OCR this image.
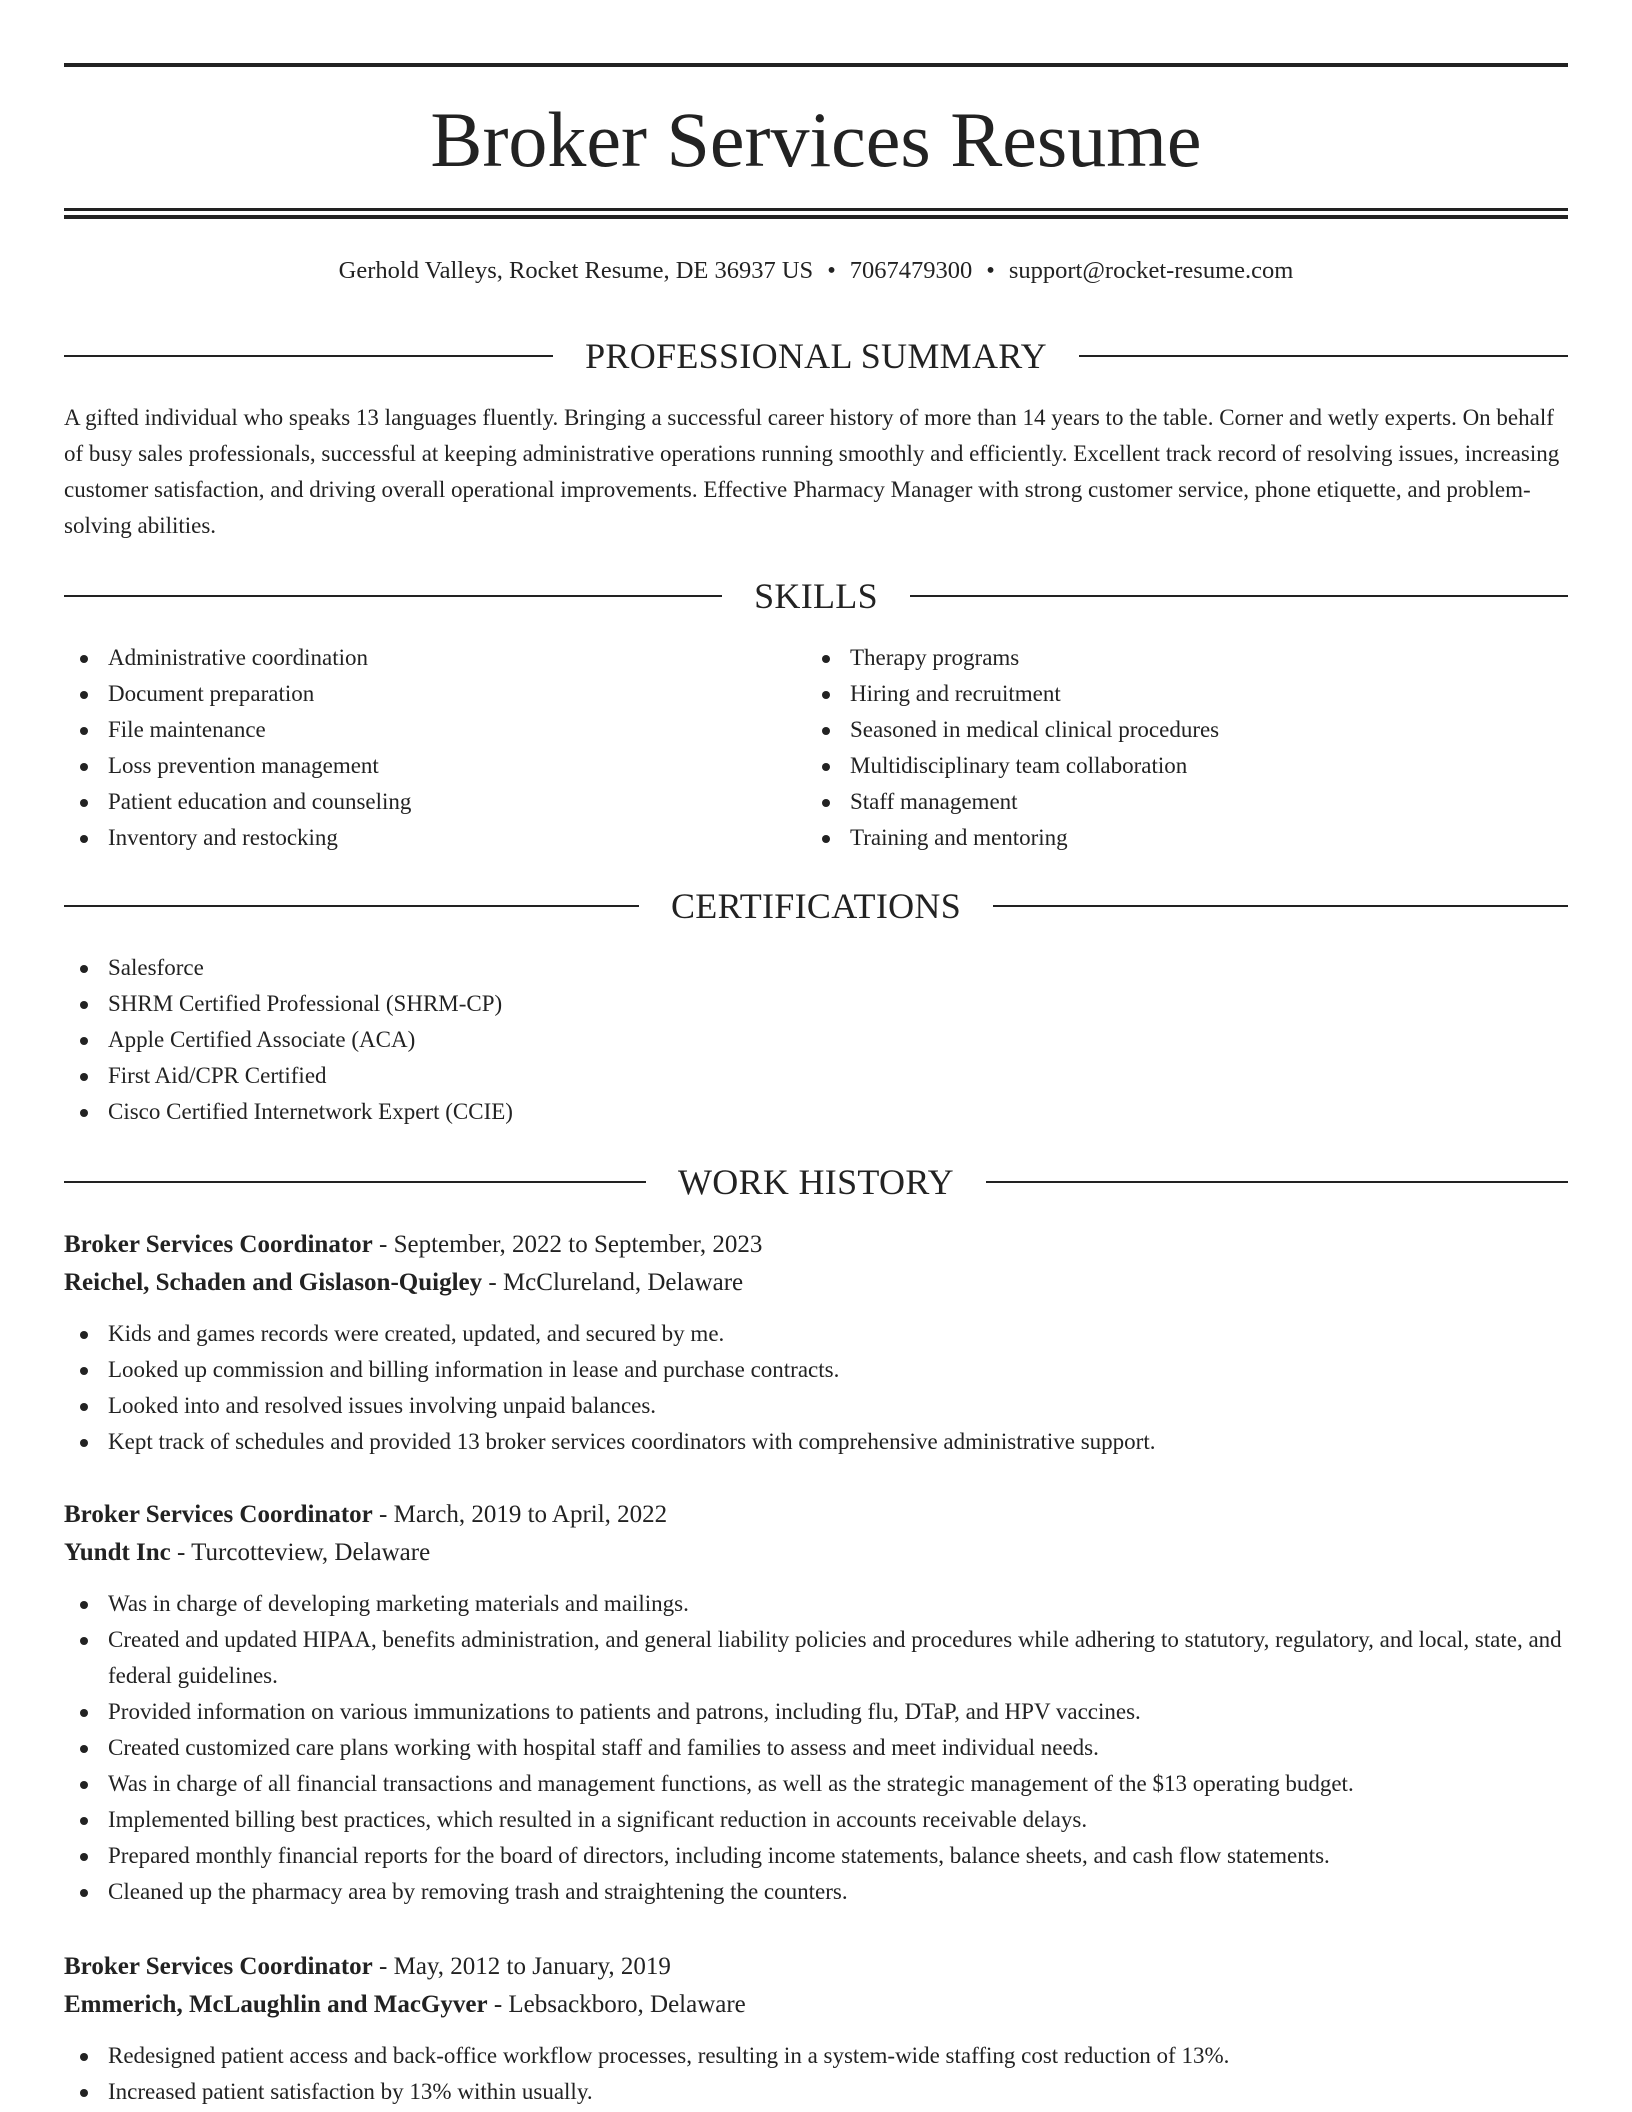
Broker Services Resume
Gerhold Valleys, Rocket Resume, DE 36937 US • 7067479300 • support@rocket-resume.com
PROFESSIONAL SUMMARY

A gifted individual who speaks 13 languages fluently. Bringing a successful career history of more than 14 years to the table. Corner and wetly experts. On behalf of busy sales professionals, successful at keeping administrative operations running smoothly and efficiently. Excellent track record of resolving issues, increasing customer satisfaction, and driving overall operational improvements. Effective Pharmacy Manager with strong customer service, phone etiquette, and problem-solving abilities.

SKILLS
Administrative coordination
Document preparation
File maintenance
Loss prevention management
Patient education and counseling
Inventory and restocking
Therapy programs
Hiring and recruitment
Seasoned in medical clinical procedures
Multidisciplinary team collaboration
Staff management
Training and mentoring
CERTIFICATIONS
Salesforce
SHRM Certified Professional (SHRM-CP)
Apple Certified Associate (ACA)
First Aid/CPR Certified
Cisco Certified Internetwork Expert (CCIE)
WORK HISTORY
Broker Services Coordinator - September, 2022 to September, 2023
Reichel, Schaden and Gislason-Quigley - McClureland, Delaware
Kids and games records were created, updated, and secured by me.
Looked up commission and billing information in lease and purchase contracts.
Looked into and resolved issues involving unpaid balances.
Kept track of schedules and provided 13 broker services coordinators with comprehensive administrative support.
Broker Services Coordinator - March, 2019 to April, 2022
Yundt Inc - Turcotteview, Delaware
Was in charge of developing marketing materials and mailings.
Created and updated HIPAA, benefits administration, and general liability policies and procedures while adhering to statutory, regulatory, and local, state, and federal guidelines.
Provided information on various immunizations to patients and patrons, including flu, DTaP, and HPV vaccines.
Created customized care plans working with hospital staff and families to assess and meet individual needs.
Was in charge of all financial transactions and management functions, as well as the strategic management of the $13 operating budget.
Implemented billing best practices, which resulted in a significant reduction in accounts receivable delays.
Prepared monthly financial reports for the board of directors, including income statements, balance sheets, and cash flow statements.
Cleaned up the pharmacy area by removing trash and straightening the counters.
Broker Services Coordinator - May, 2012 to January, 2019
Emmerich, McLaughlin and MacGyver - Lebsackboro, Delaware
Redesigned patient access and back-office workflow processes, resulting in a system-wide staffing cost reduction of 13%.
Increased patient satisfaction by 13% within usually.
